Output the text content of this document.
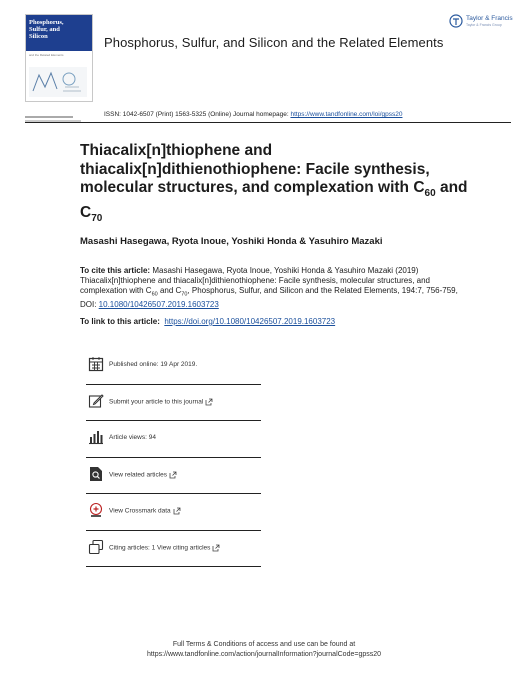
Phosphorus,
Sulfur, and
Silicon
and the Related Elements
Phosphorus, Sulfur, and Silicon and the Related Elements
Taylor & Francis
Taylor & Francis Group
ISSN: 1042-6507 (Print) 1563-5325 (Online) Journal homepage: https://www.tandfonline.com/loi/gpss20
Thiacalix[n]thiophene and thiacalix[n]dithienothiophene: Facile synthesis, molecular structures, and complexation with $C_{60}$ and $C_{70}$
Masashi Hasegawa, Ryota Inoue, Yoshiki Honda & Yasuhiro Mazaki
To cite this article: Masashi Hasegawa, Ryota Inoue, Yoshiki Honda & Yasuhiro Mazaki (2019) Thiacalix[n]thiophene and thiacalix[n]dithienothiophene: Facile synthesis, molecular structures, and complexation with $C_{60}$ and $C_{70}$, Phosphorus, Sulfur, and Silicon and the Related Elements, 194:7, 756-759, DOI: 10.1080/10426507.2019.1603723
To link to this article: https://doi.org/10.1080/10426507.2019.1603723
Published online: 19 Apr 2019.
Submit your article to this journal
Article views: 94
View related articles
View Crossmark data
Citing articles: 1 View citing articles
Full Terms & Conditions of access and use can be found at
https://www.tandfonline.com/action/journalInformation?journalCode=gpss20
